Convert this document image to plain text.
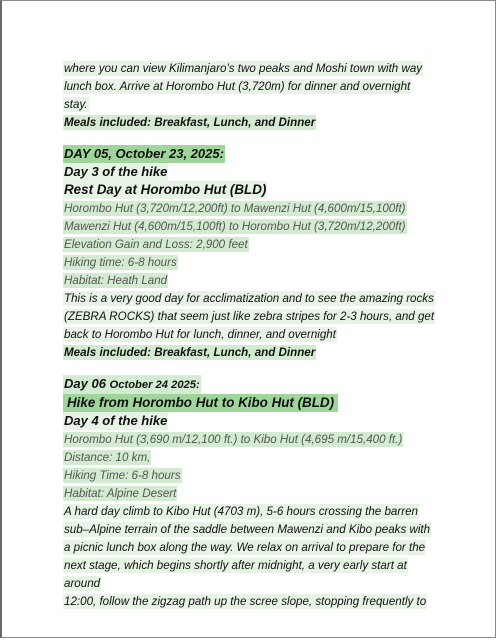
where you can view Kilimanjaro’s two peaks and Moshi town with way
lunch box. Arrive at Horombo Hut (3,720m) for dinner and overnight
stay.
Meals included: Breakfast, Lunch, and Dinner
DAY 05, October 23, 2025:
Day 3 of the hike
Rest Day at Horombo Hut (BLD)
Horombo Hut (3,720m/12,200ft) to Mawenzi Hut (4,600m/15,100ft)
Mawenzi Hut (4,600m/15,100ft) to Horombo Hut (3,720m/12,200ft)
Elevation Gain and Loss: 2,900 feet
Hiking time: 6-8 hours
Habitat: Heath Land
This is a very good day for acclimatization and to see the amazing rocks
(ZEBRA ROCKS) that seem just like zebra stripes for 2-3 hours, and get
back to Horombo Hut for lunch, dinner, and overnight
Meals included: Breakfast, Lunch, and Dinner
Day 06 October 24 2025:
Hike from Horombo Hut to Kibo Hut (BLD)
Day 4 of the hike
Horombo Hut (3,690 m/12,100 ft.) to Kibo Hut (4,695 m/15,400 ft.)
Distance: 10 km,
Hiking Time: 6-8 hours
Habitat: Alpine Desert
A hard day climb to Kibo Hut (4703 m), 5-6 hours crossing the barren
sub–Alpine terrain of the saddle between Mawenzi and Kibo peaks with
a picnic lunch box along the way. We relax on arrival to prepare for the
next stage, which begins shortly after midnight, a very early start at
around
12:00, follow the zigzag path up the scree slope, stopping frequently to
